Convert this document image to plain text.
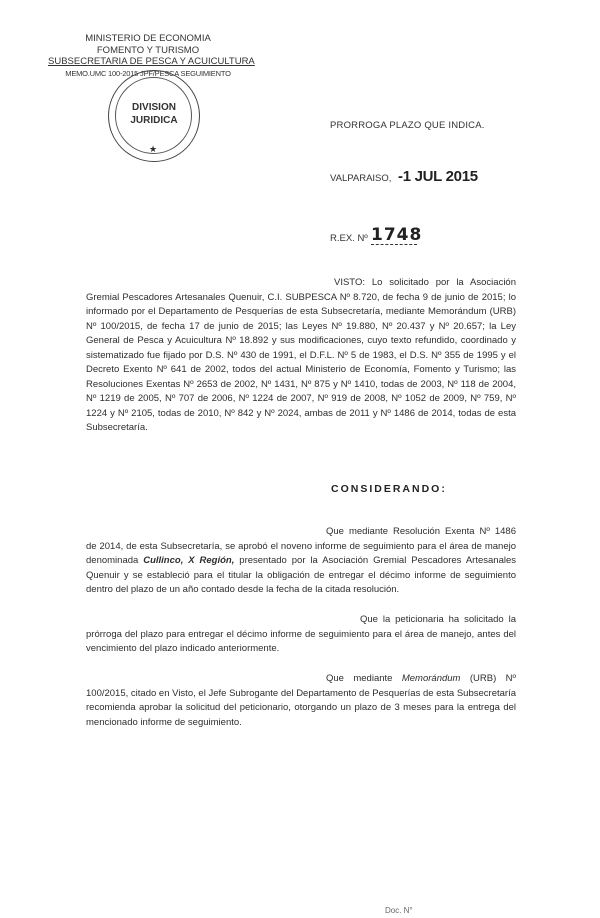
MINISTERIO DE ECONOMIA
FOMENTO Y TURISMO
SUBSECRETARIA DE PESCA Y ACUICULTURA
MEMO.UMC 100-2015 JPF/PESCA SEGUIMIENTO
DIVISION
JURIDICA
★
PRORROGA PLAZO QUE INDICA.
VALPARAISO, -1 JUL 2015
R.EX. Nº 1748
VISTO: Lo solicitado por la Asociación Gremial Pescadores Artesanales Quenuir, C.I. SUBPESCA Nº 8.720, de fecha 9 de junio de 2015; lo informado por el Departamento de Pesquerías de esta Subsecretaría, mediante Memorándum (URB) Nº 100/2015, de fecha 17 de junio de 2015; las Leyes Nº 19.880, Nº 20.437 y Nº 20.657; la Ley General de Pesca y Acuicultura Nº 18.892 y sus modificaciones, cuyo texto refundido, coordinado y sistematizado fue fijado por D.S. Nº 430 de 1991, el D.F.L. Nº 5 de 1983, el D.S. Nº 355 de 1995 y el Decreto Exento Nº 641 de 2002, todos del actual Ministerio de Economía, Fomento y Turismo; las Resoluciones Exentas Nº 2653 de 2002, Nº 1431, Nº 875 y Nº 1410, todas de 2003, Nº 118 de 2004, Nº 1219 de 2005, Nº 707 de 2006, Nº 1224 de 2007, Nº 919 de 2008, Nº 1052 de 2009, Nº 759, Nº 1224 y Nº 2105, todas de 2010, Nº 842 y Nº 2024, ambas de 2011 y Nº 1486 de 2014, todas de esta Subsecretaría.
CONSIDERANDO:
Que mediante Resolución Exenta Nº 1486 de 2014, de esta Subsecretaría, se aprobó el noveno informe de seguimiento para el área de manejo denominada Cullinco, X Región, presentado por la Asociación Gremial Pescadores Artesanales Quenuir y se estableció para el titular la obligación de entregar el décimo informe de seguimiento dentro del plazo de un año contado desde la fecha de la citada resolución.
Que la peticionaria ha solicitado la prórroga del plazo para entregar el décimo informe de seguimiento para el área de manejo, antes del vencimiento del plazo indicado anteriormente.
Que mediante Memorándum (URB) Nº 100/2015, citado en Visto, el Jefe Subrogante del Departamento de Pesquerías de esta Subsecretaría recomienda aprobar la solicitud del peticionario, otorgando un plazo de 3 meses para la entrega del mencionado informe de seguimiento.
Doc. N°
